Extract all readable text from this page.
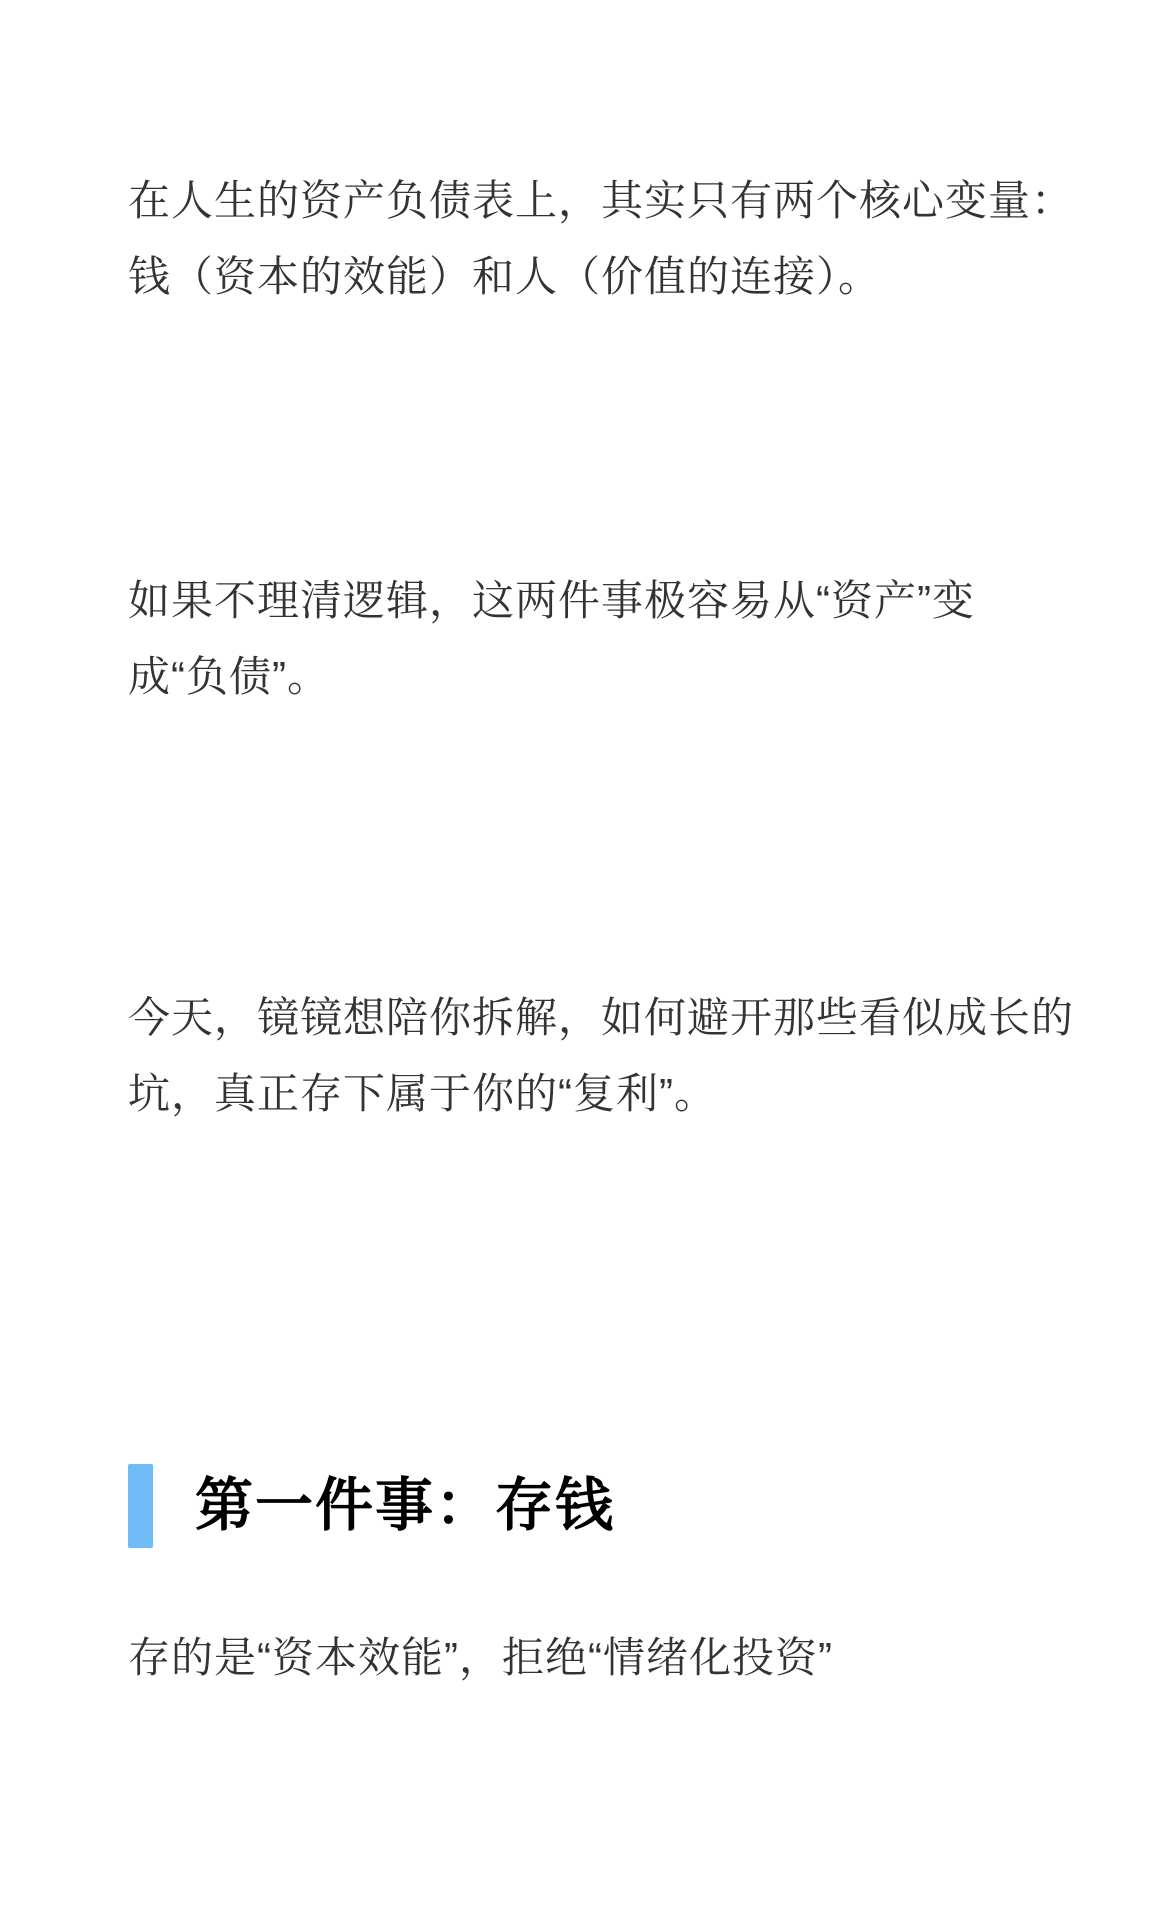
在人生的资产负债表上，其实只有两个核心变量：
钱（资本的效能）和人（价值的连接）。

如果不理清逻辑，这两件事极容易从“资产”变
成“负债”。

今天，镜镜想陪你拆解，如何避开那些看似成长的
坑，真正存下属于你的“复利”。

第一件事：存钱

存的是“资本效能”，拒绝“情绪化投资”
